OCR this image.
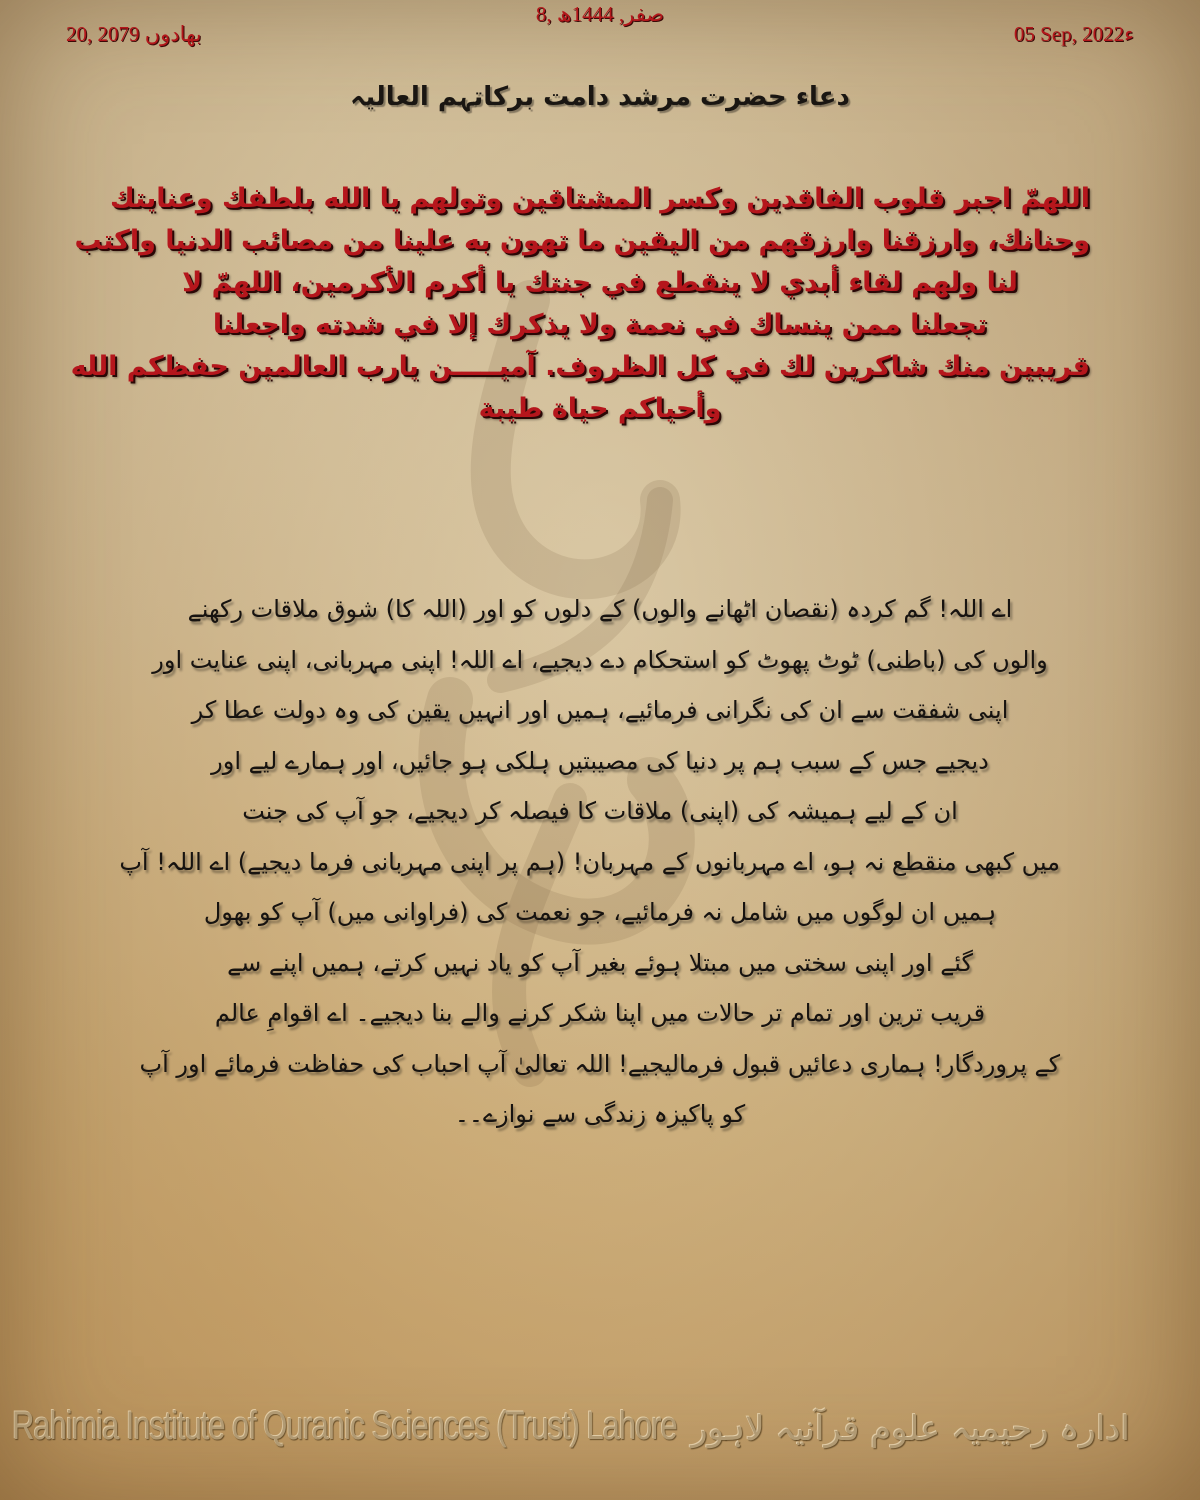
20, بھادوں 2079
8, صفر, 1444ھ
05 Sep, 2022ء
دعاء حضرت مرشد دامت برکاتہم العالیہ
اللهمّ اجبر قلوب الفاقدين وكسر المشتاقين وتولهم يا الله بلطفك وعنايتك
وحنانك، وارزقنا وارزقهم من اليقين ما تهون به علينا من مصائب الدنيا واكتب
لنا ولهم لقاء أبدي لا ينقطع في جنتك يا أكرم الأكرمين، اللهمّ لا
تجعلنا ممن ينساك في نعمة ولا يذكرك إلا في شدته واجعلنا
قريبين منك شاكرين لك في كل الظروف. آميـــــن يارب العالمين حفظكم الله
وأحياكم حياة طيبة
اے اللہ! گم کردہ (نقصان اٹھانے والوں) کے دلوں کو اور (اللہ کا) شوق ملاقات رکھنے
والوں کی (باطنی) ٹوٹ پھوٹ کو استحکام دے دیجیے، اے اللہ! اپنی مہربانی، اپنی عنایت اور
اپنی شفقت سے ان کی نگرانی فرمائیے، ہمیں اور انہیں یقین کی وہ دولت عطا کر
دیجیے جس کے سبب ہم پر دنیا کی مصیبتیں ہلکی ہو جائیں، اور ہمارے لیے اور
ان کے لیے ہمیشہ کی (اپنی) ملاقات کا فیصلہ کر دیجیے، جو آپ کی جنت
میں کبھی منقطع نہ ہو، اے مہربانوں کے مہربان! (ہم پر اپنی مہربانی فرما دیجیے) اے اللہ! آپ
ہمیں ان لوگوں میں شامل نہ فرمائیے، جو نعمت کی (فراوانی میں) آپ کو بھول
گئے اور اپنی سختی میں مبتلا ہوئے بغیر آپ کو یاد نہیں کرتے، ہمیں اپنے سے
قریب ترین اور تمام تر حالات میں اپنا شکر کرنے والے بنا دیجیے۔ اے اقوامِ عالم
کے پروردگار! ہماری دعائیں قبول فرمالیجیے! اللہ تعالیٰ آپ احباب کی حفاظت فرمائے اور آپ
کو پاکیزہ زندگی سے نوازے۔۔
Rahimia Institute of Quranic Sciences (Trust) Lahore ادارہ رحیمیہ علوم قرآنیہ لاہور
